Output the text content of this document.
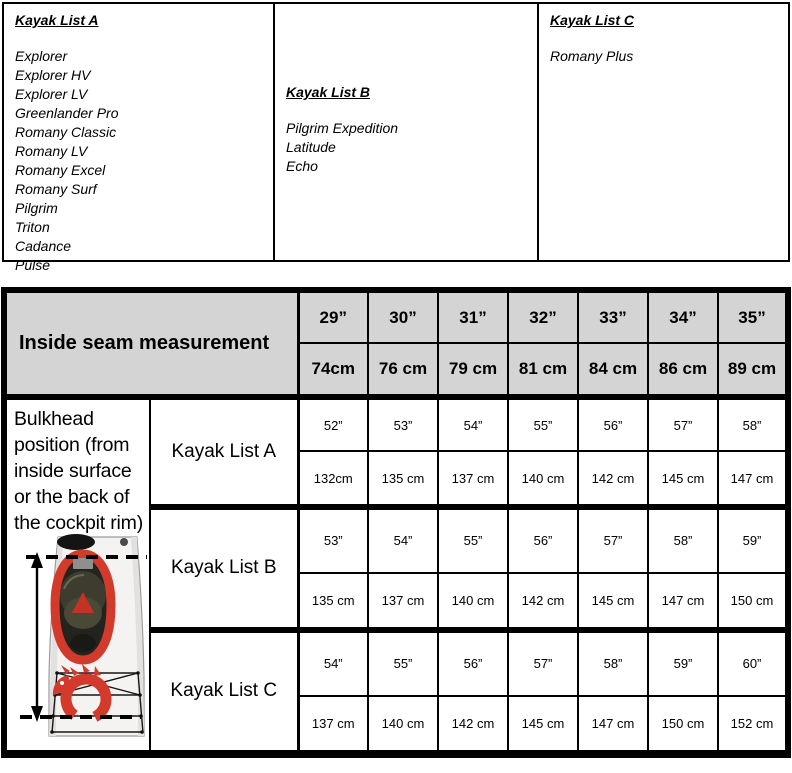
Kayak List A
Explorer
Explorer HV
Explorer LV
Greenlander Pro
Romany Classic
Romany LV
Romany Excel
Romany Surf
Pilgrim
Triton
Cadance
Pulse
Kayak List B
Pilgrim Expedition
Latitude
Echo
Kayak List C
Romany Plus
Inside seam measurement		29”	30”	31”	32”	33”	34”	35”
		74cm	76 cm	79 cm	81 cm	84 cm	86 cm	89 cm

Bulkhead position (from inside surface or the back of the cockpit rim)	Kayak List A	52”	53”	54”	55”	56”	57”	58”
		132cm	135 cm	137 cm	140 cm	142 cm	145 cm	147 cm
	Kayak List B	53”	54”	55”	56”	57”	58”	59”
		135 cm	137 cm	140 cm	142 cm	145 cm	147 cm	150 cm
	Kayak List C	54”	55”	56”	57”	58”	59”	60”
		137 cm	140 cm	142 cm	145 cm	147 cm	150 cm	152 cm
